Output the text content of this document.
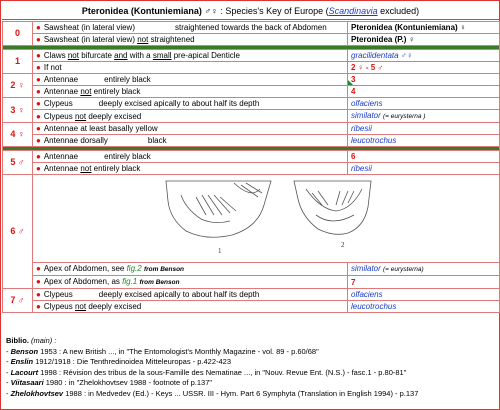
Pteronidea (Kontuniemiana) ♂♀ : Species's Key of Europe ( Scandinavia excluded)
0	● Sawsheat (in lateral view) straightened towards the back of Abdomen	Pteronidea (Kontuniemiana) ♀
	● Sawsheat (in lateral view) not straightened	Pteronidea (P.) ♀

1	● Claws not bifurcate and with a small pre-apical Denticle	gracilidentata ♂♀
	● If not	2 ♀ - 5 ♂
2 ♀	● Antennae entirely black	3
	● Antennae not entirely black	4
3 ♀	● Clypeus deeply excised apically to about half its depth	olfaciens
	● Clypeus not deeply excised	similator (= eurysterna )
4 ♀	● Antennae at least basally yellow	ribesii
	● Antennae dorsally black	leucotrochus

5 ♂	● Antennae entirely black	6
	● Antennae not entirely black	ribesii
6 ♂	1
2	

	● Apex of Abdomen, see fig.2 from Benson	similator (= eurysterna)
	● Apex of Abdomen, as fig.1 from Benson	7
7 ♂	● Clypeus deeply excised apically to about half its depth	olfaciens
	● Clypeus not deeply excised	leucotrochus
Biblio. (main) :
- Benson 1953 : A new British ..., in "The Entomologist's Monthly Magazine - vol. 89 - p.60/68"
- Enslin 1912/1918 : Die Tenthredinoidea Mitteleuropas - p.422-423
- Lacourt 1998 : Révision des tribus de la sous-Famille des Nematinae ..., in "Nouv. Revue Ent. (N.S.) - fasc.1 - p.80-81"
- Viitasaari 1980 : in "Zhelokhovtsev 1988 - footnote of p.137"
- Zhelokhovtsev 1988 : in Medvedev (Ed.) - Keys ... USSR. III - Hym. Part 6 Symphyta (Translation in English 1994) - p.137
